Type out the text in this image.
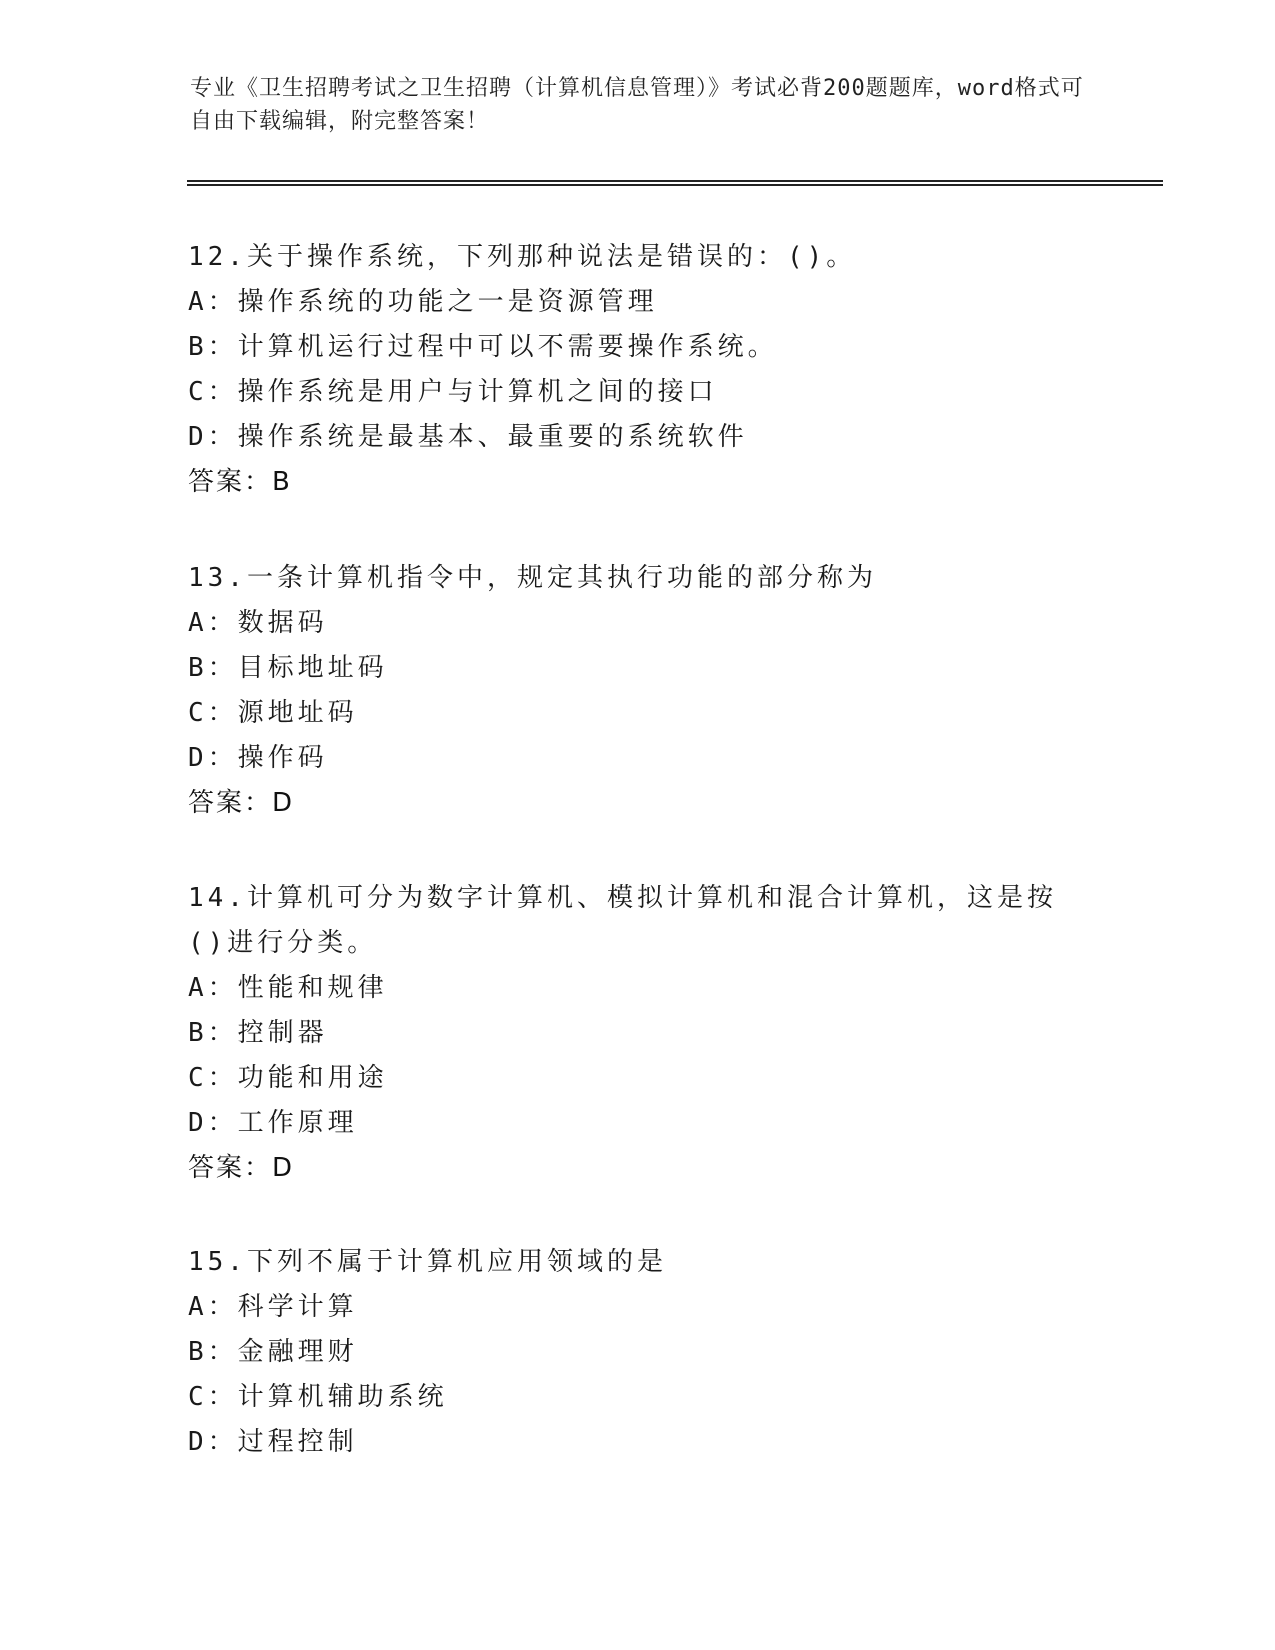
专业《卫生招聘考试之卫生招聘（计算机信息管理）》考试必背200题题库，word格式可自由下载编辑，附完整答案！

12.关于操作系统，下列那种说法是错误的：()。

A：操作系统的功能之一是资源管理

B：计算机运行过程中可以不需要操作系统。

C：操作系统是用户与计算机之间的接口

D：操作系统是最基本、最重要的系统软件

答案：B

13.一条计算机指令中，规定其执行功能的部分称为

A：数据码

B：目标地址码

C：源地址码

D：操作码

答案：D

14.计算机可分为数字计算机、模拟计算机和混合计算机，这是按()进行分类。

A：性能和规律

B：控制器

C：功能和用途

D：工作原理

答案：D

15.下列不属于计算机应用领域的是

A：科学计算

B：金融理财

C：计算机辅助系统

D：过程控制
